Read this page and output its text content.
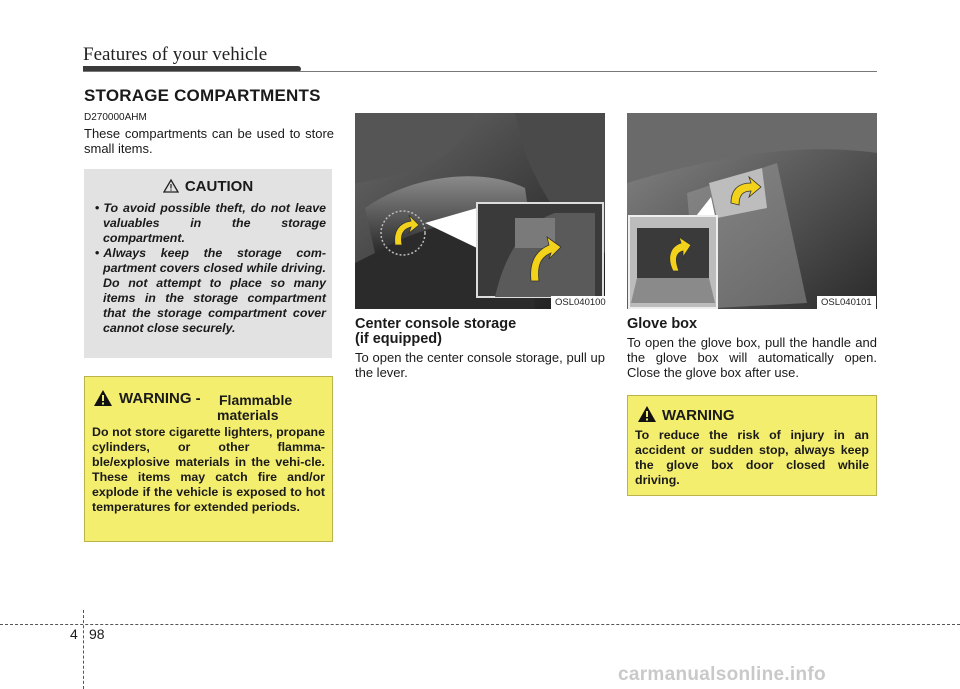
Features of your vehicle
STORAGE COMPARTMENTS
D270000AHM
These compartments can be used to store small items.
CAUTION
• To avoid possible theft, do not leave valuables in the storage compartment.
• Always keep the storage com-partment covers closed while driving. Do not attempt to place so many items in the storage compartment that the storage compartment cover cannot close securely.
WARNING - Flammable
materials
Do not store cigarette lighters, propane cylinders, or other flamma-ble/explosive materials in the vehi-cle. These items may catch fire and/or explode if the vehicle is exposed to hot temperatures for extended periods.
OSL040100
Center console storage
(if equipped)
To open the center console storage, pull up the lever.
OSL040101
Glove box
To open the glove box, pull the handle and the glove box will automatically open. Close the glove box after use.
WARNING
To reduce the risk of injury in an accident or sudden stop, always keep the glove box door closed while driving.
4 98
carmanualsonline.info
